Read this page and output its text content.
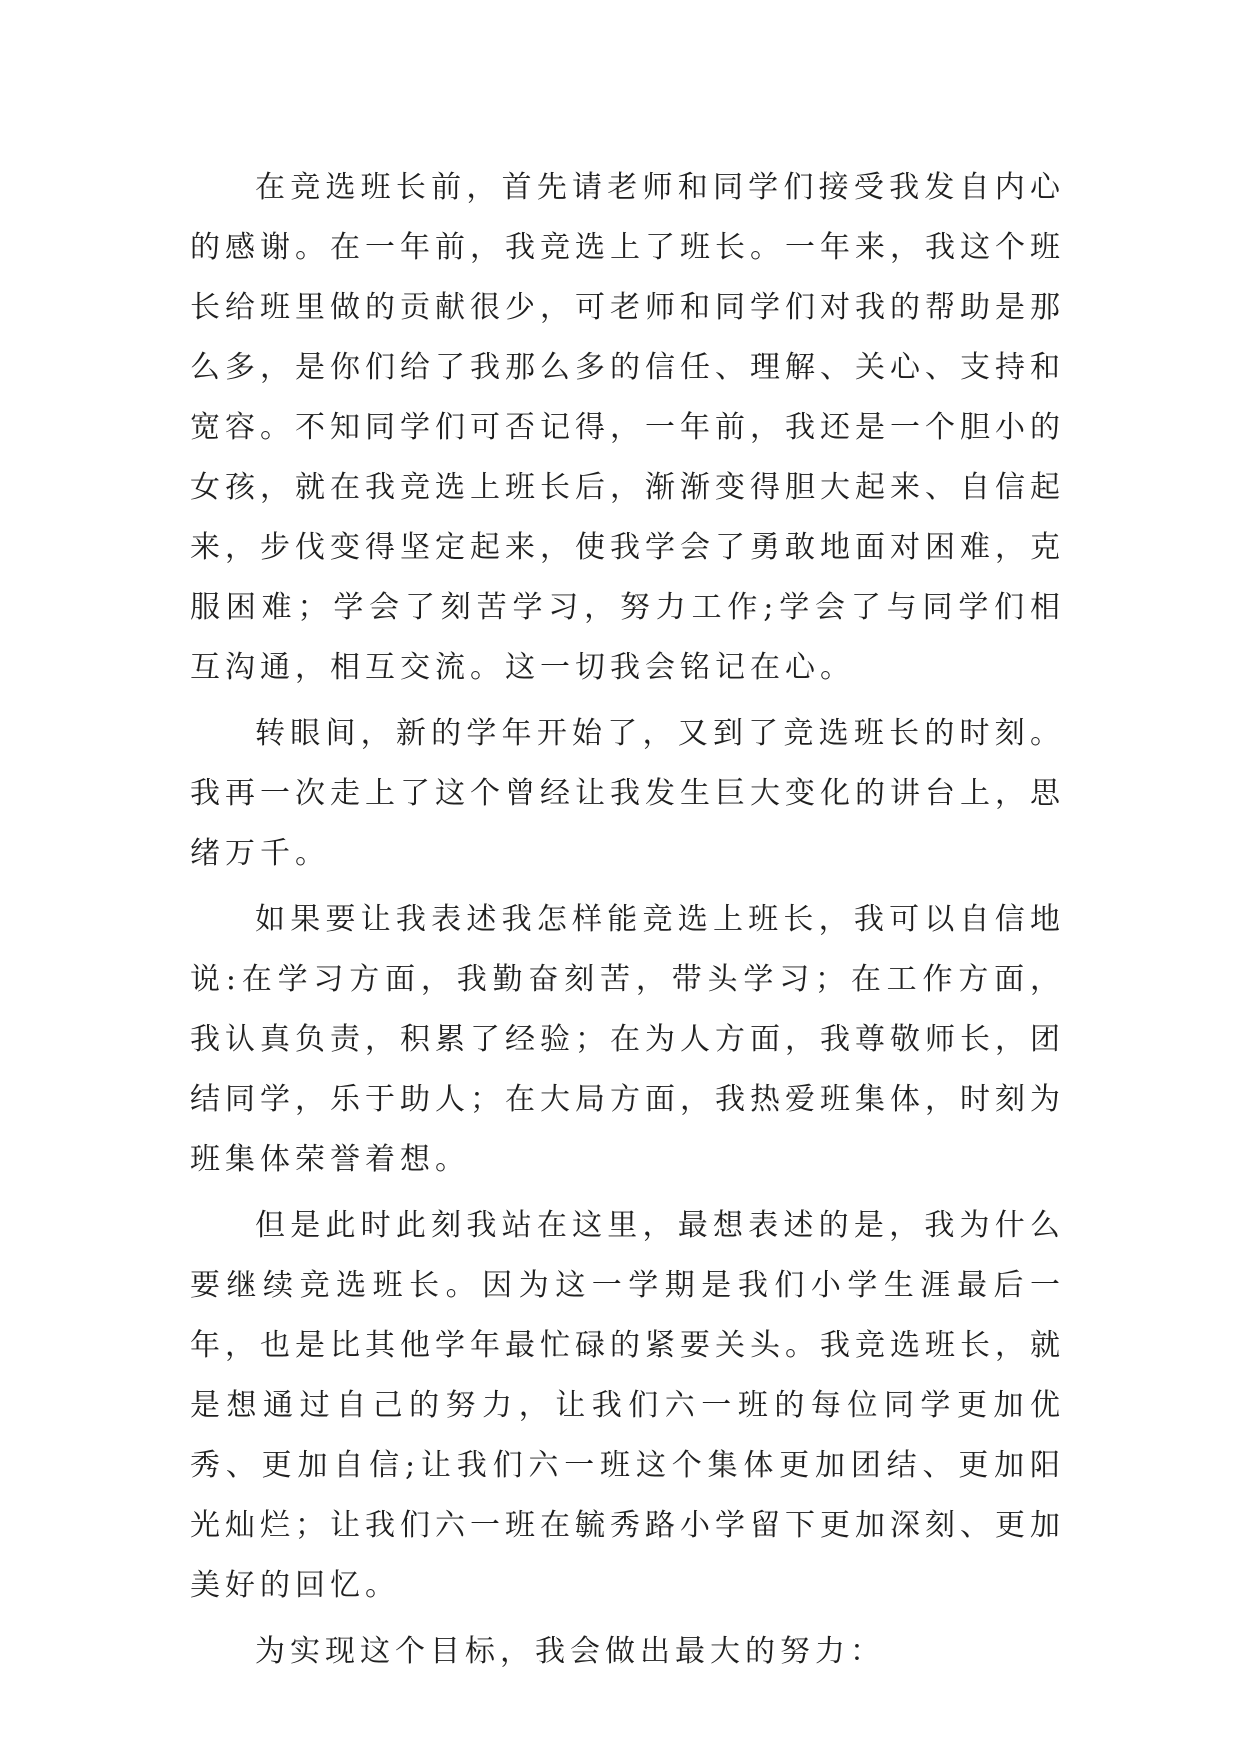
在竞选班长前，首先请老师和同学们接受我发自内心的感谢。在一年前，我竞选上了班长。一年来，我这个班长给班里做的贡献很少，可老师和同学们对我的帮助是那么多，是你们给了我那么多的信任、理解、关心、支持和宽容。不知同学们可否记得，一年前，我还是一个胆小的女孩，就在我竞选上班长后，渐渐变得胆大起来、自信起来，步伐变得坚定起来，使我学会了勇敢地面对困难，克服困难；学会了刻苦学习，努力工作;学会了与同学们相互沟通，相互交流。这一切我会铭记在心。

转眼间，新的学年开始了，又到了竞选班长的时刻。我再一次走上了这个曾经让我发生巨大变化的讲台上，思绪万千。

如果要让我表述我怎样能竞选上班长，我可以自信地说:在学习方面，我勤奋刻苦，带头学习；在工作方面，我认真负责，积累了经验；在为人方面，我尊敬师长，团结同学，乐于助人；在大局方面，我热爱班集体，时刻为班集体荣誉着想。

但是此时此刻我站在这里，最想表述的是，我为什么要继续竞选班长。因为这一学期是我们小学生涯最后一年，也是比其他学年最忙碌的紧要关头。我竞选班长，就是想通过自己的努力，让我们六一班的每位同学更加优秀、更加自信;让我们六一班这个集体更加团结、更加阳光灿烂；让我们六一班在毓秀路小学留下更加深刻、更加美好的回忆。

为实现这个目标，我会做出最大的努力：
